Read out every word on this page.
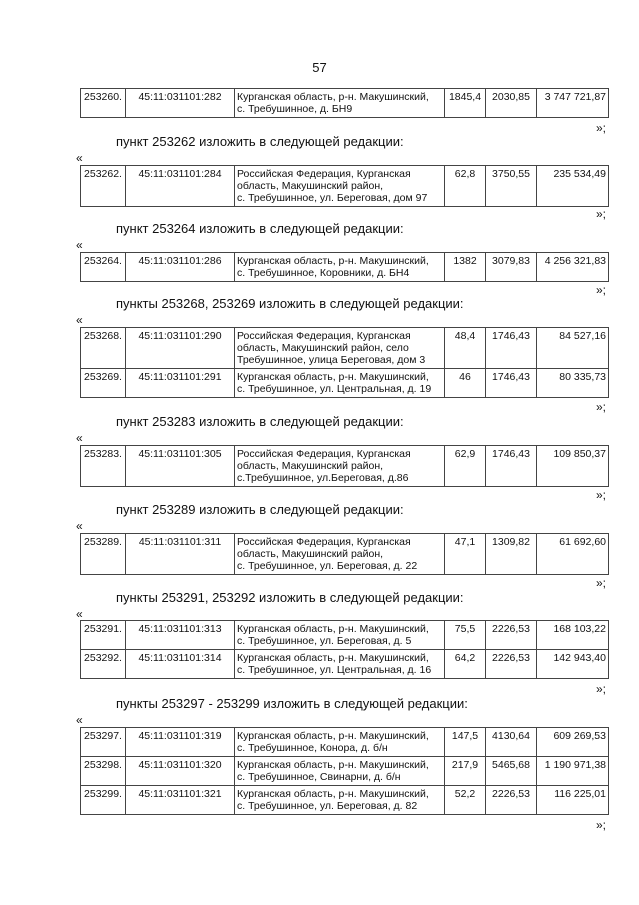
57
253260.	45:11:031101:282	Курганская область, р-н. Макушинский,
с. Требушинное, д. БН9
	1845,4	2030,85	3 747 721,87
»;
пункт 253262 изложить в следующей редакции:
«
253262.	45:11:031101:284	Российская Федерация, Курганская
область, Макушинский район,
с. Требушинное, ул. Береговая, дом 97
	62,8	3750,55	235 534,49
»;
пункт 253264 изложить в следующей редакции:
«
253264.	45:11:031101:286	Курганская область, р-н. Макушинский,
с. Требушинное, Коровники, д. БН4
	1382	3079,83	4 256 321,83
»;
пункты 253268, 253269 изложить в следующей редакции:
«
253268.	45:11:031101:290	Российская Федерация, Курганская
область, Макушинский район, село
Требушинное, улица Береговая, дом 3	48,4	1746,43	84 527,16
253269.	45:11:031101:291	Курганская область, р-н. Макушинский,
с. Требушинное, ул. Центральная, д. 19	46	1746,43	80 335,73
»;
пункт 253283 изложить в следующей редакции:
«
253283.	45:11:031101:305	Российская Федерация, Курганская
область, Макушинский район,
с.Требушинное, ул.Береговая, д.86
	62,9	1746,43	109 850,37
»;
пункт 253289 изложить в следующей редакции:
«
253289.	45:11:031101:311	Российская Федерация, Курганская
область, Макушинский район,
с. Требушинное, ул. Береговая, д. 22
	47,1	1309,82	61 692,60
»;
пункты 253291, 253292 изложить в следующей редакции:
«
253291.	45:11:031101:313	Курганская область, р-н. Макушинский,
с. Требушинное, ул. Береговая, д. 5	75,5	2226,53	168 103,22
253292.	45:11:031101:314	Курганская область, р-н. Макушинский,
с. Требушинное, ул. Центральная, д. 16	64,2	2226,53	142 943,40
»;
пункты 253297 - 253299 изложить в следующей редакции:
«
253297.	45:11:031101:319	Курганская область, р-н. Макушинский,
с. Требушинное, Конора, д. б/н	147,5	4130,64	609 269,53
253298.	45:11:031101:320	Курганская область, р-н. Макушинский,
с. Требушинное, Свинарни, д. б/н	217,9	5465,68	1 190 971,38
253299.	45:11:031101:321	Курганская область, р-н. Макушинский,
с. Требушинное, ул. Береговая, д. 82	52,2	2226,53	116 225,01
»;
